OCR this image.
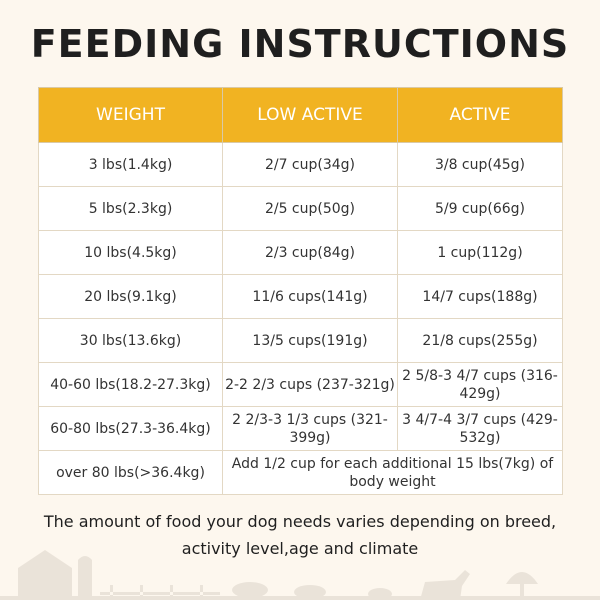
FEEDING INSTRUCTIONS
WEIGHT	LOW ACTIVE	ACTIVE
3 lbs(1.4kg)	2/7 cup(34g)	3/8 cup(45g)
5 lbs(2.3kg)	2/5 cup(50g)	5/9 cup(66g)
10 lbs(4.5kg)	2/3 cup(84g)	1 cup(112g)
20 lbs(9.1kg)	11/6 cups(141g)	14/7 cups(188g)
30 lbs(13.6kg)	13/5 cups(191g)	21/8 cups(255g)
40-60 lbs(18.2-27.3kg)	2-2 2/3 cups (237-321g)	2 5/8-3 4/7 cups (316-429g)
60-80 lbs(27.3-36.4kg)	2 2/3-3 1/3 cups (321-399g)	3 4/7-4 3/7 cups (429-532g)
over 80 lbs(>36.4kg)	Add 1/2 cup for each additional 15 lbs(7kg) of body weight	
The amount of food your dog needs varies depending on breed,
activity level,age and climate
